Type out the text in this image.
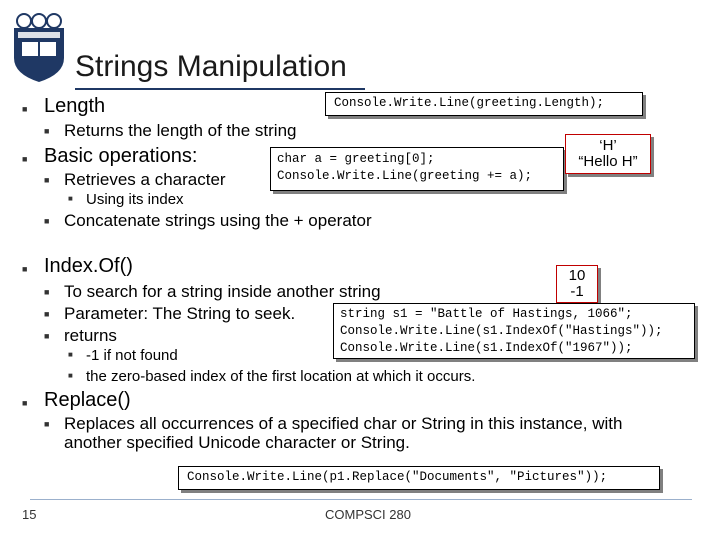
Strings Manipulation
■ Length
■ Returns the length of the string
■ Basic operations:
■ Retrieves a character
■ Using its index
■ Concatenate strings using the + operator
■ Index.Of()
■ To search for a string inside another string
■ Parameter: The String to seek.
■ returns
■ -1 if not found
■ the zero-based index of the first location at which it occurs.
■ Replace()
■ Replaces all occurrences of a specified char or String in this instance, with another specified Unicode character or String.
Console.Write.Line(greeting.Length);
char a = greeting[0];
Console.Write.Line(greeting += a);
‘H’
“Hello H”
10
-1
string s1 = "Battle of Hastings, 1066";
Console.Write.Line(s1.IndexOf("Hastings"));
Console.Write.Line(s1.IndexOf("1967"));
Console.Write.Line(p1.Replace("Documents", "Pictures"));
15	COMPSCI 280
